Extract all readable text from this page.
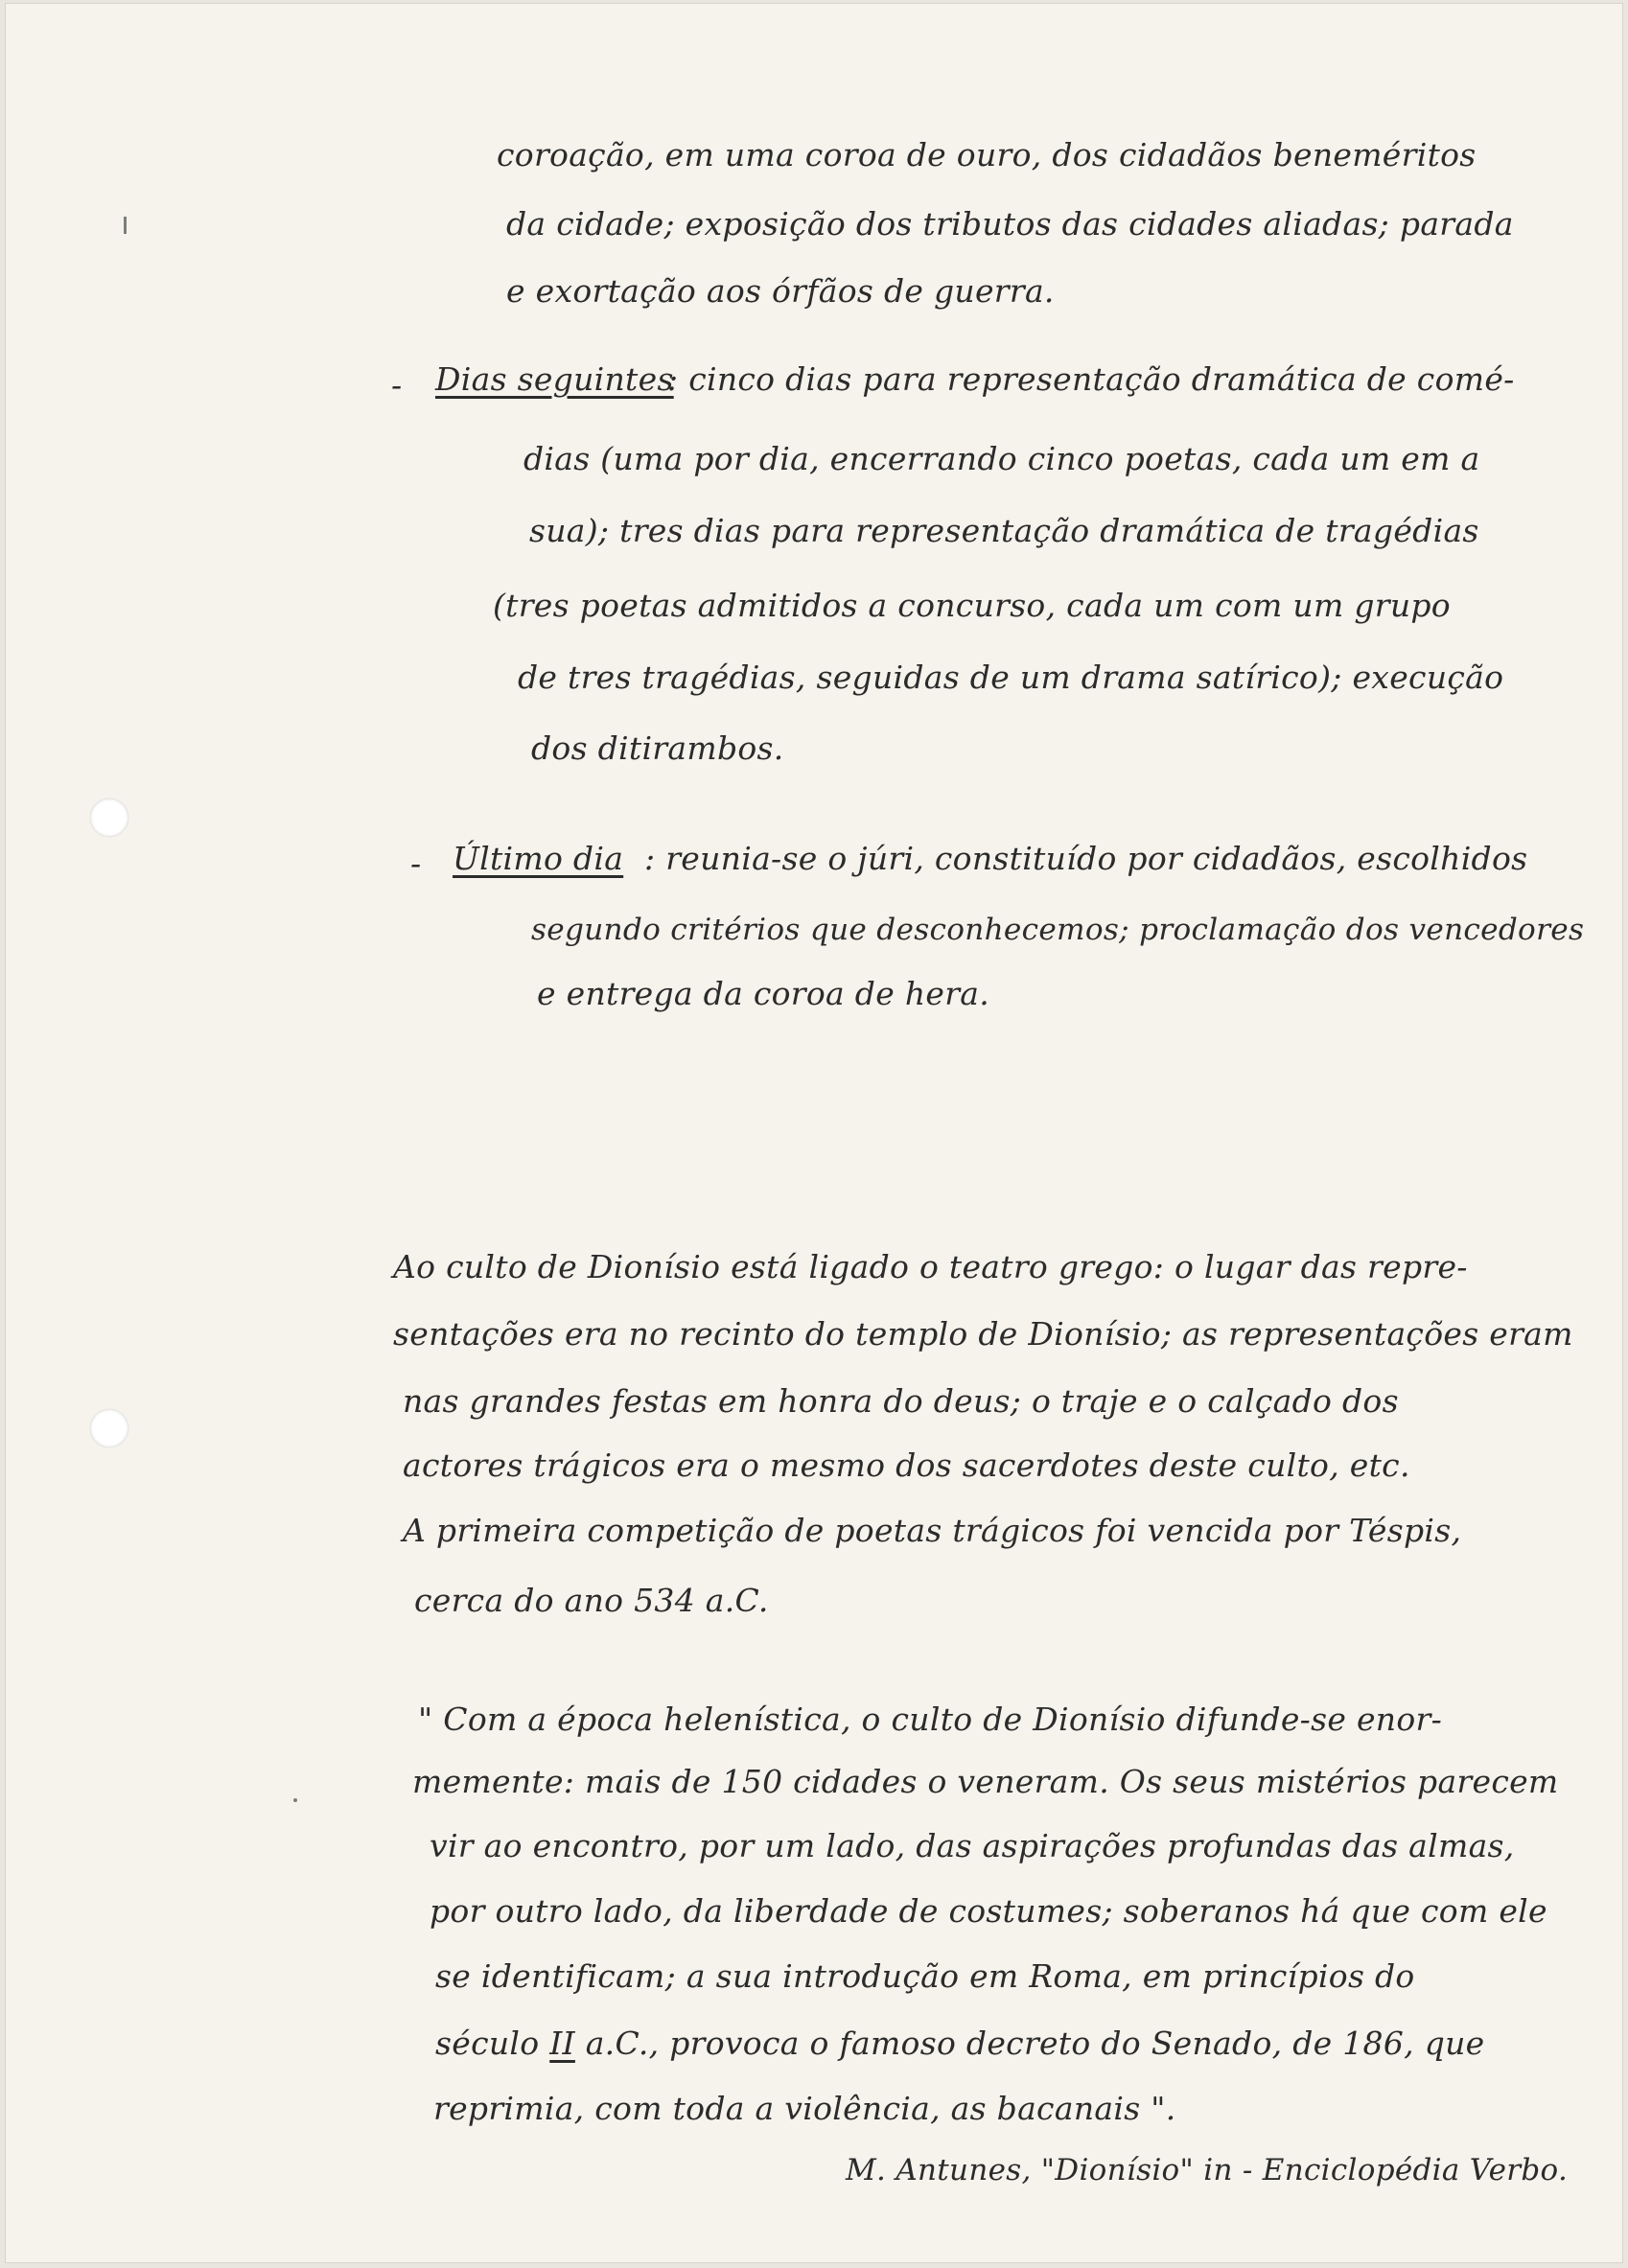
coroação, em uma coroa de ouro, dos cidadãos beneméritos

da cidade; exposição dos tributos das cidades aliadas; parada

e exortação aos órfãos de guerra.

- Dias seguintes

: cinco dias para representação dramática de comé-

dias (uma por dia, encerrando cinco poetas, cada um em a

sua); tres dias para representação dramática de tragédias

(tres poetas admitidos a concurso, cada um com um grupo

de tres tragédias, seguidas de um drama satírico); execução

dos ditirambos.

- Último dia : reunia-se o júri, constituído por cidadãos, escolhidos

segundo critérios que desconhecemos; proclamação dos vencedores

e entrega da coroa de hera.

Ao culto de Dionísio está ligado o teatro grego: o lugar das repre-

sentações era no recinto do templo de Dionísio; as representações eram

nas grandes festas em honra do deus; o traje e o calçado dos

actores trágicos era o mesmo dos sacerdotes deste culto, etc.

A primeira competição de poetas trágicos foi vencida por Téspis,

cerca do ano 534 a.C.

" Com a época helenística, o culto de Dionísio difunde-se enor-

memente: mais de 150 cidades o veneram. Os seus mistérios parecem

vir ao encontro, por um lado, das aspirações profundas das almas,

por outro lado, da liberdade de costumes; soberanos há que com ele

se identificam; a sua introdução em Roma, em princípios do

século II a.C., provoca o famoso decreto do Senado, de 186, que

reprimia, com toda a violência, as bacanais ".

M. Antunes, "Dionísio" in - Enciclopédia Verbo.
